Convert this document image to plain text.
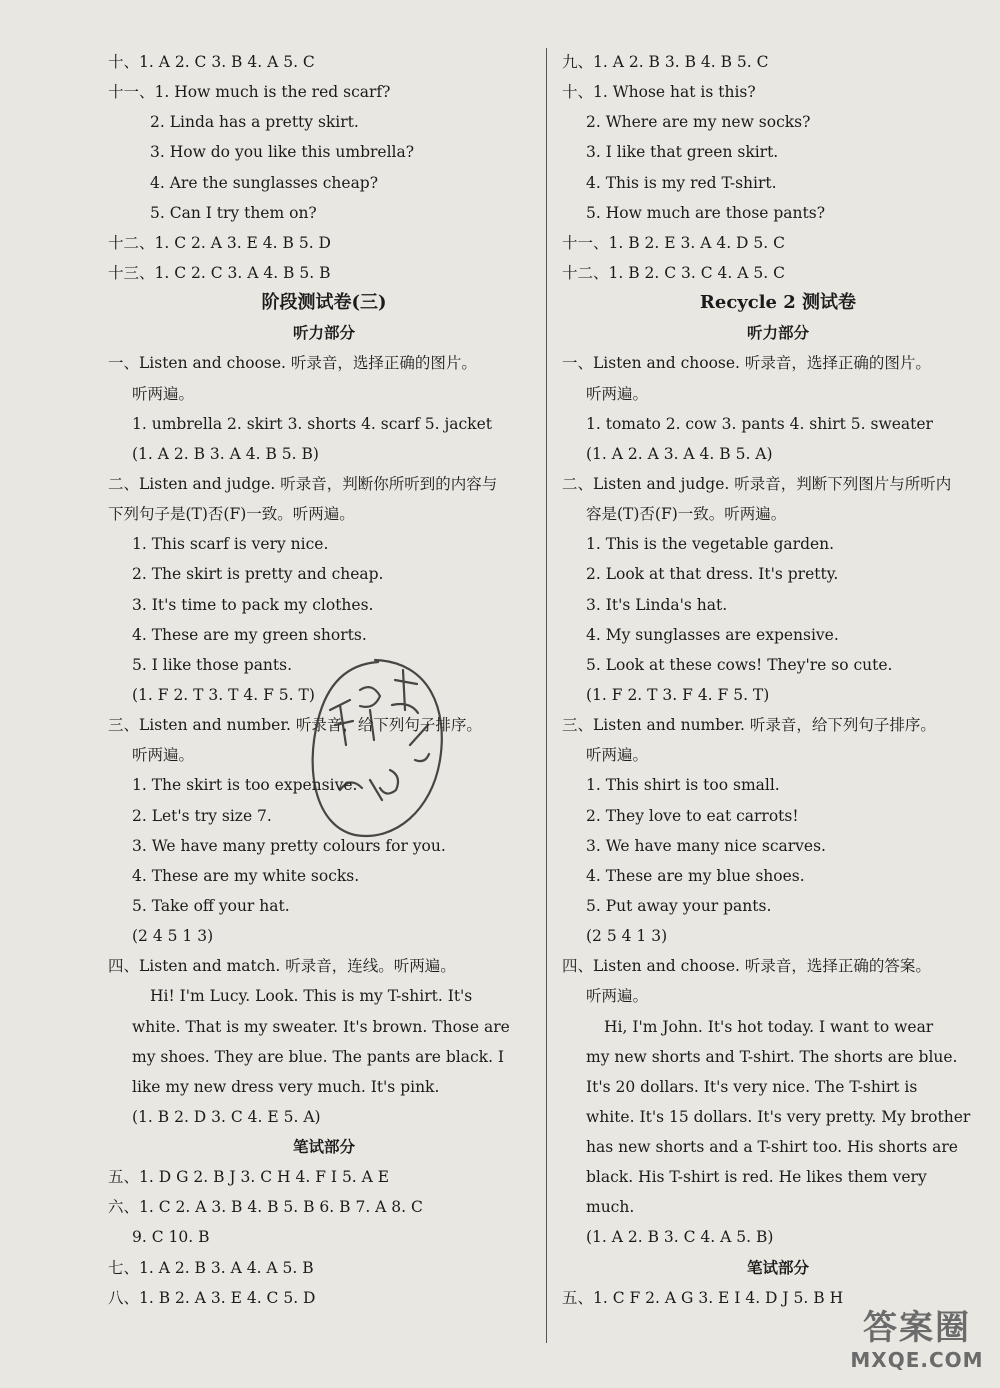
十、1. A 2. C 3. B 4. A 5. C
十一、1. How much is the red scarf?
2. Linda has a pretty skirt.
3. How do you like this umbrella?
4. Are the sunglasses cheap?
5. Can I try them on?
十二、1. C 2. A 3. E 4. B 5. D
十三、1. C 2. C 3. A 4. B 5. B
阶段测试卷(三)
听力部分
一、Listen and choose. 听录音，选择正确的图片。
听两遍。
1. umbrella 2. skirt 3. shorts 4. scarf 5. jacket
(1. A 2. B 3. A 4. B 5. B)
二、Listen and judge. 听录音，判断你所听到的内容与
下列句子是(T)否(F)一致。听两遍。
1. This scarf is very nice.
2. The skirt is pretty and cheap.
3. It's time to pack my clothes.
4. These are my green shorts.
5. I like those pants.
(1. F 2. T 3. T 4. F 5. T)
三、Listen and number. 听录音，给下列句子排序。
听两遍。
1. The skirt is too expensive.
2. Let's try size 7.
3. We have many pretty colours for you.
4. These are my white socks.
5. Take off your hat.
(2 4 5 1 3)
四、Listen and match. 听录音，连线。听两遍。
Hi! I'm Lucy. Look. This is my T-shirt. It's
white. That is my sweater. It's brown. Those are
my shoes. They are blue. The pants are black. I
like my new dress very much. It's pink.
(1. B 2. D 3. C 4. E 5. A)
笔试部分
五、1. D G 2. B J 3. C H 4. F I 5. A E
六、1. C 2. A 3. B 4. B 5. B 6. B 7. A 8. C
9. C 10. B
七、1. A 2. B 3. A 4. A 5. B
八、1. B 2. A 3. E 4. C 5. D
九、1. A 2. B 3. B 4. B 5. C
十、1. Whose hat is this?
2. Where are my new socks?
3. I like that green skirt.
4. This is my red T-shirt.
5. How much are those pants?
十一、1. B 2. E 3. A 4. D 5. C
十二、1. B 2. C 3. C 4. A 5. C
Recycle 2 测试卷
听力部分
一、Listen and choose. 听录音，选择正确的图片。
听两遍。
1. tomato 2. cow 3. pants 4. shirt 5. sweater
(1. A 2. A 3. A 4. B 5. A)
二、Listen and judge. 听录音，判断下列图片与所听内
容是(T)否(F)一致。听两遍。
1. This is the vegetable garden.
2. Look at that dress. It's pretty.
3. It's Linda's hat.
4. My sunglasses are expensive.
5. Look at these cows! They're so cute.
(1. F 2. T 3. F 4. F 5. T)
三、Listen and number. 听录音，给下列句子排序。
听两遍。
1. This shirt is too small.
2. They love to eat carrots!
3. We have many nice scarves.
4. These are my blue shoes.
5. Put away your pants.
(2 5 4 1 3)
四、Listen and choose. 听录音，选择正确的答案。
听两遍。
Hi, I'm John. It's hot today. I want to wear
my new shorts and T-shirt. The shorts are blue.
It's 20 dollars. It's very nice. The T-shirt is
white. It's 15 dollars. It's very pretty. My brother
has new shorts and a T-shirt too. His shorts are
black. His T-shirt is red. He likes them very
much.
(1. A 2. B 3. C 4. A 5. B)
笔试部分
五、1. C F 2. A G 3. E I 4. D J 5. B H
答案圈
MXQE.COM
